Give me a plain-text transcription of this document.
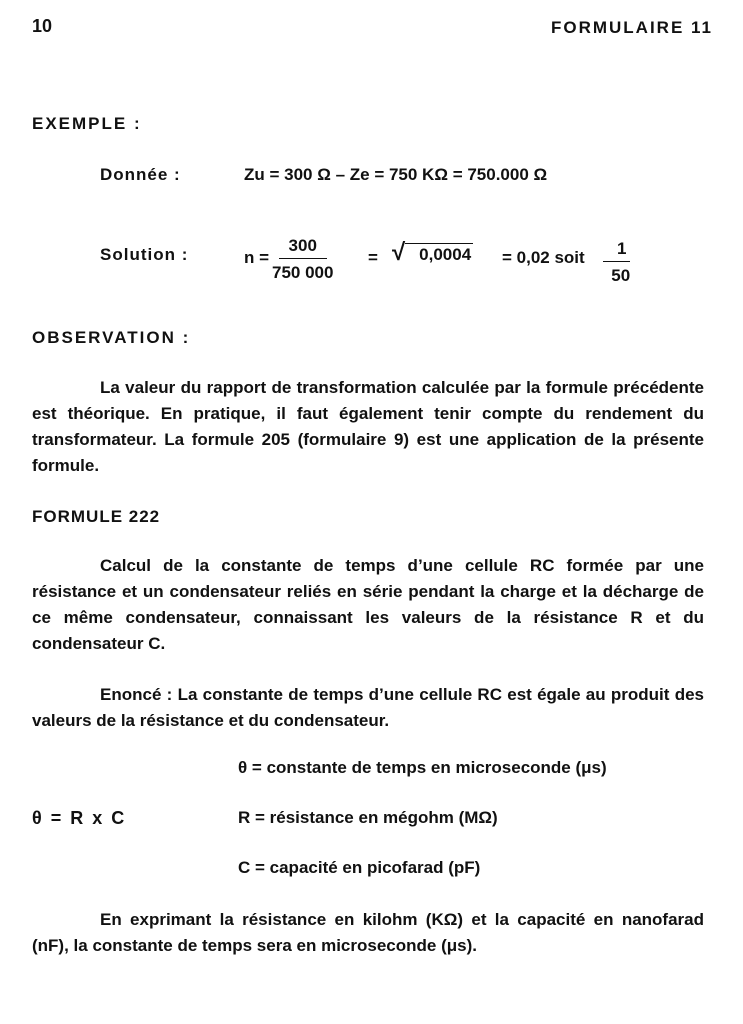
10	FORMULAIRE 11
EXEMPLE :
Donnée :	Zu = 300 Ω – Ze = 750 KΩ = 750.000 Ω
Solution :	$n = \frac{300}{750 000}$ = √ 0,0004 = 0,02 soit $\frac{1}{50}$
OBSERVATION :
La valeur du rapport de transformation calculée par la formule précédente est théorique. En pratique, il faut également tenir compte du rendement du transformateur. La formule 205 (formulaire 9) est une application de la présente formule.
FORMULE 222
Calcul de la constante de temps d’une cellule RC formée par une résistance et un condensateur reliés en série pendant la charge et la décharge de ce même condensateur, connaissant les valeurs de la résistance R et du condensateur C.
Enoncé : La constante de temps d’une cellule RC est égale au produit des valeurs de la résistance et du condensateur.
θ = R x C
θ = constante de temps en microseconde (μs)
R = résistance en mégohm (MΩ)
C = capacité en picofarad (pF)
En exprimant la résistance en kilohm (KΩ) et la capacité en nanofarad (nF), la constante de temps sera en microseconde (μs).
